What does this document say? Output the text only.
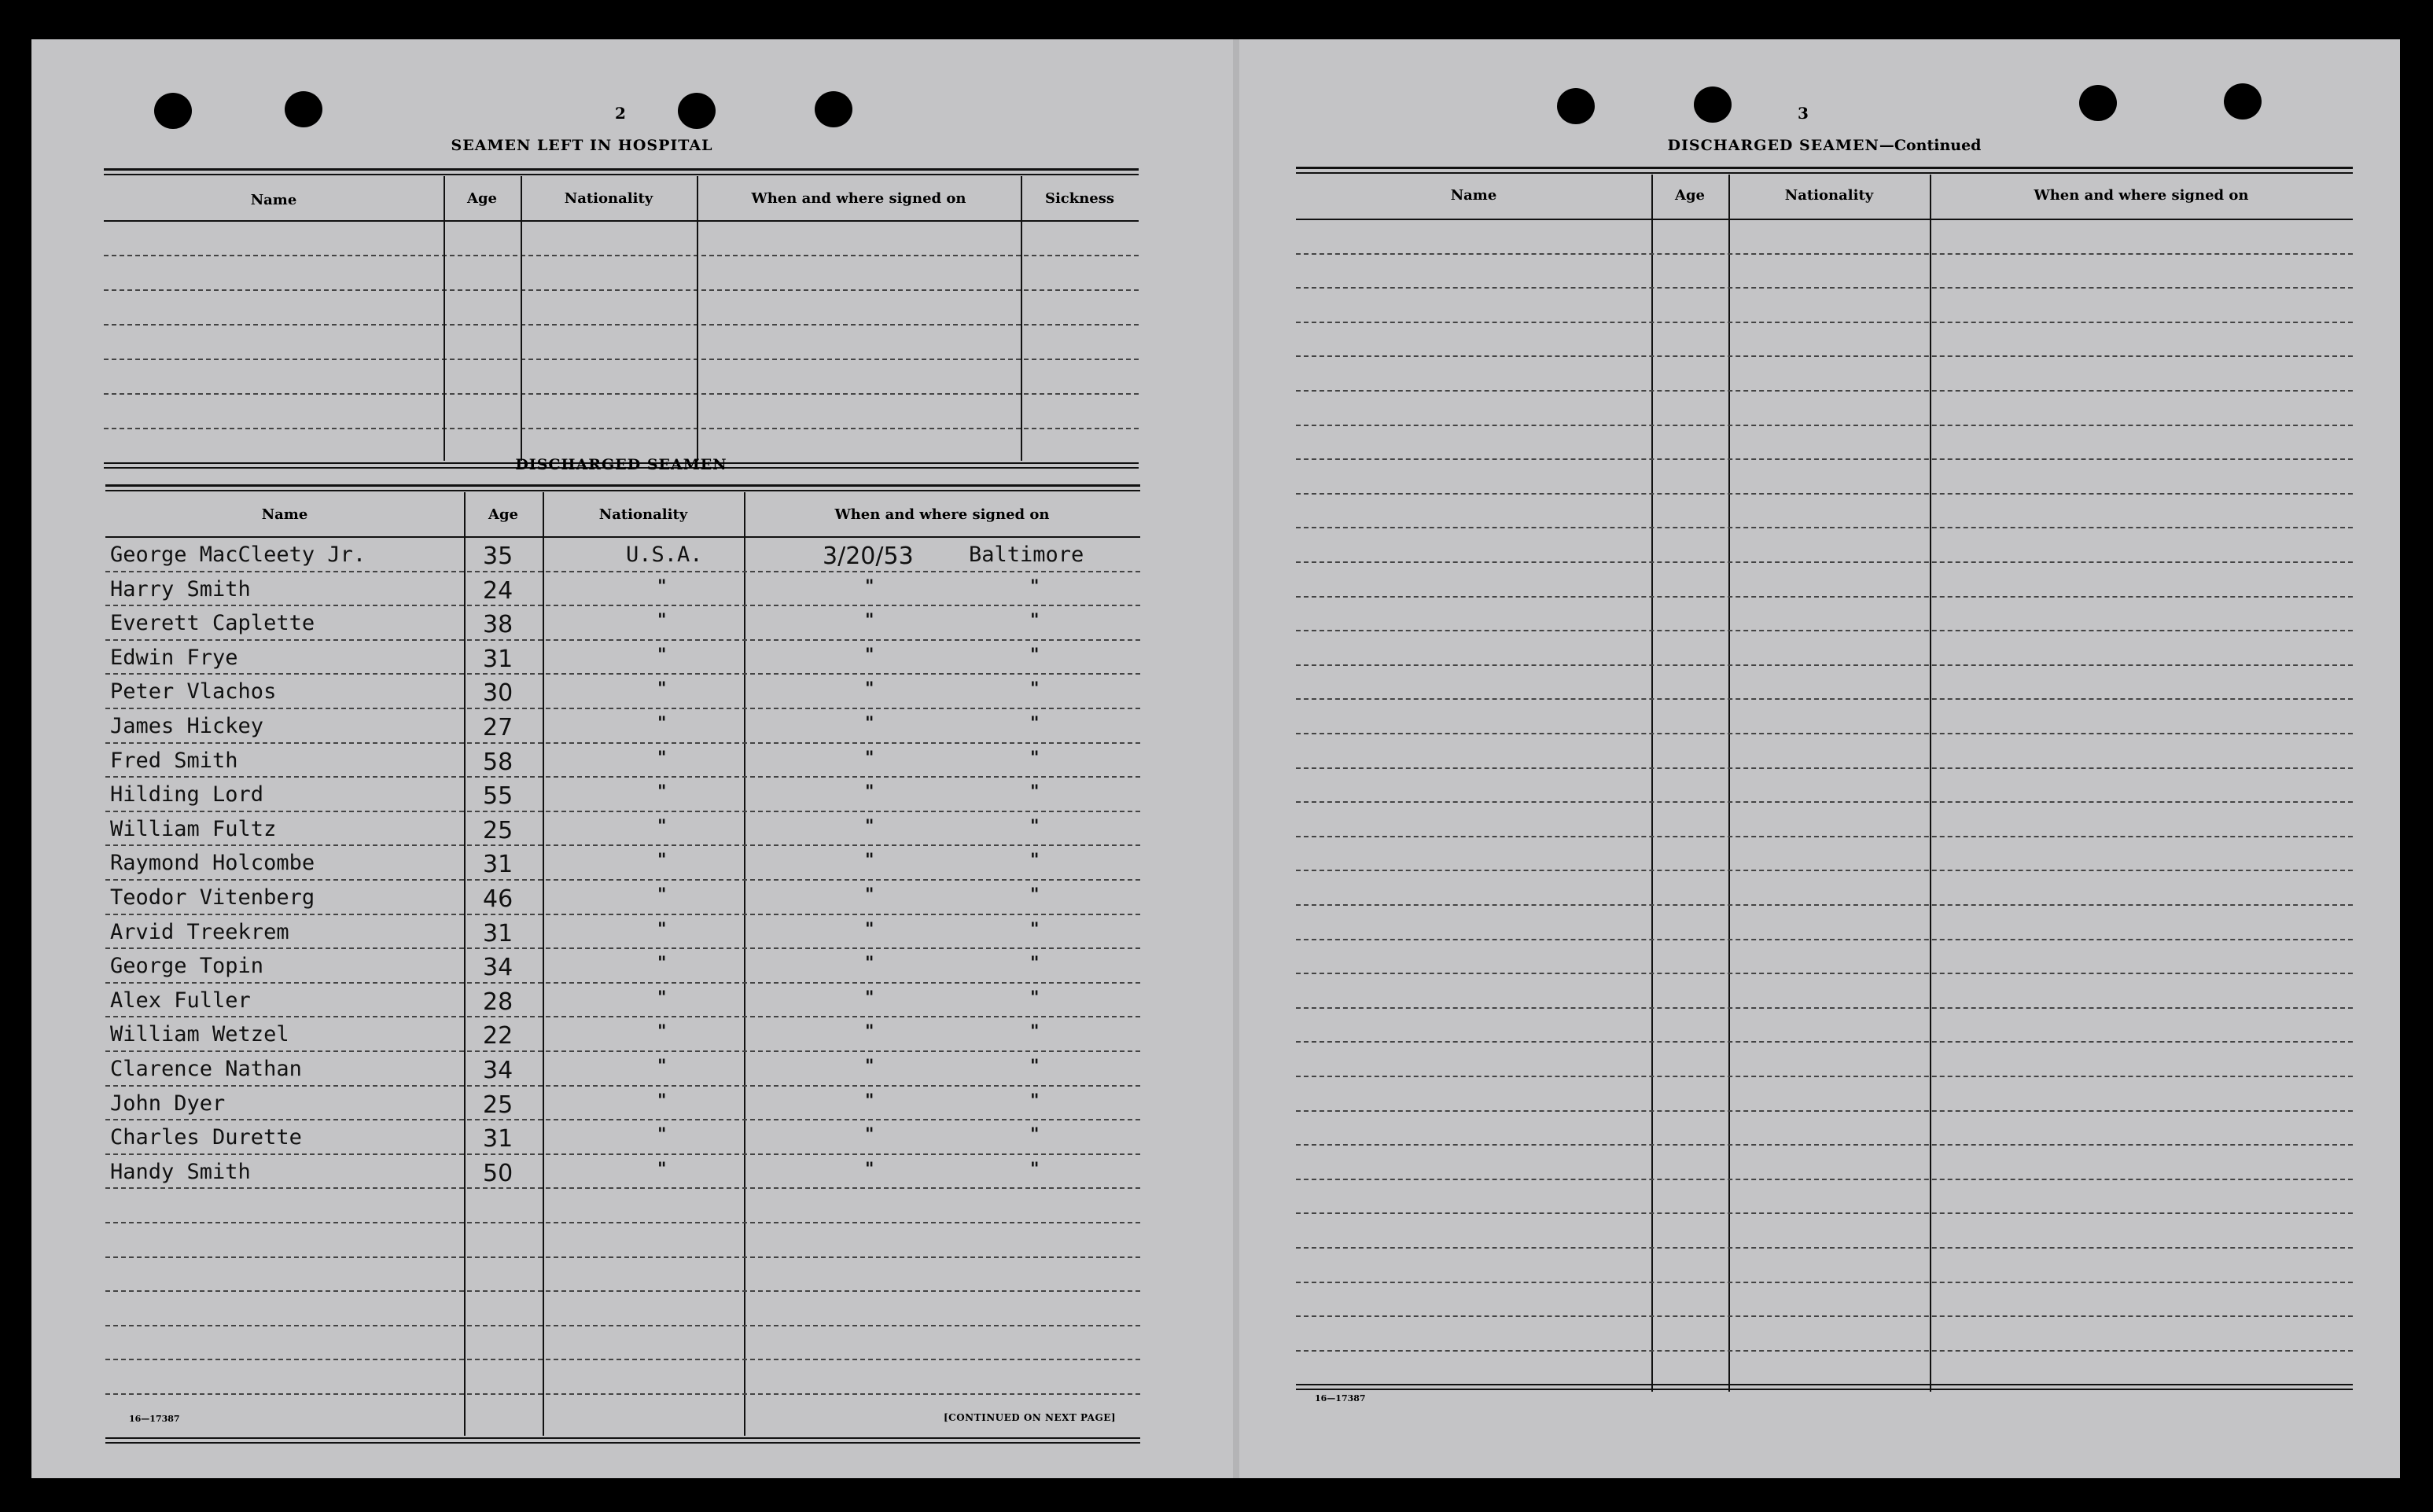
2
SEAMEN LEFT IN HOSPITAL
Name	Age	Nationality	When and where signed on	Sickness
DISCHARGED SEAMEN
Name	Age	Nationality	When and where signed on
George MacCleety Jr.	35	U.S.A.	3/20/53	Baltimore
Harry Smith	24	"	"	"
Everett Caplette	38	"	"	"
Edwin Frye	31	"	"	"
Peter Vlachos	30	"	"	"
James Hickey	27	"	"	"
Fred Smith	58	"	"	"
Hilding Lord	55	"	"	"
William Fultz	25	"	"	"
Raymond Holcombe	31	"	"	"
Teodor Vitenberg	46	"	"	"
Arvid Treekrem	31	"	"	"
George Topin	34	"	"	"
Alex Fuller	28	"	"	"
William Wetzel	22	"	"	"
Clarence Nathan	34	"	"	"
John Dyer	25	"	"	"
Charles Durette	31	"	"	"
Handy Smith	50	"	"	"
16—17387	[CONTINUED ON NEXT PAGE]
3
DISCHARGED SEAMEN—Continued
Name	Age	Nationality	When and where signed on
16—17387
